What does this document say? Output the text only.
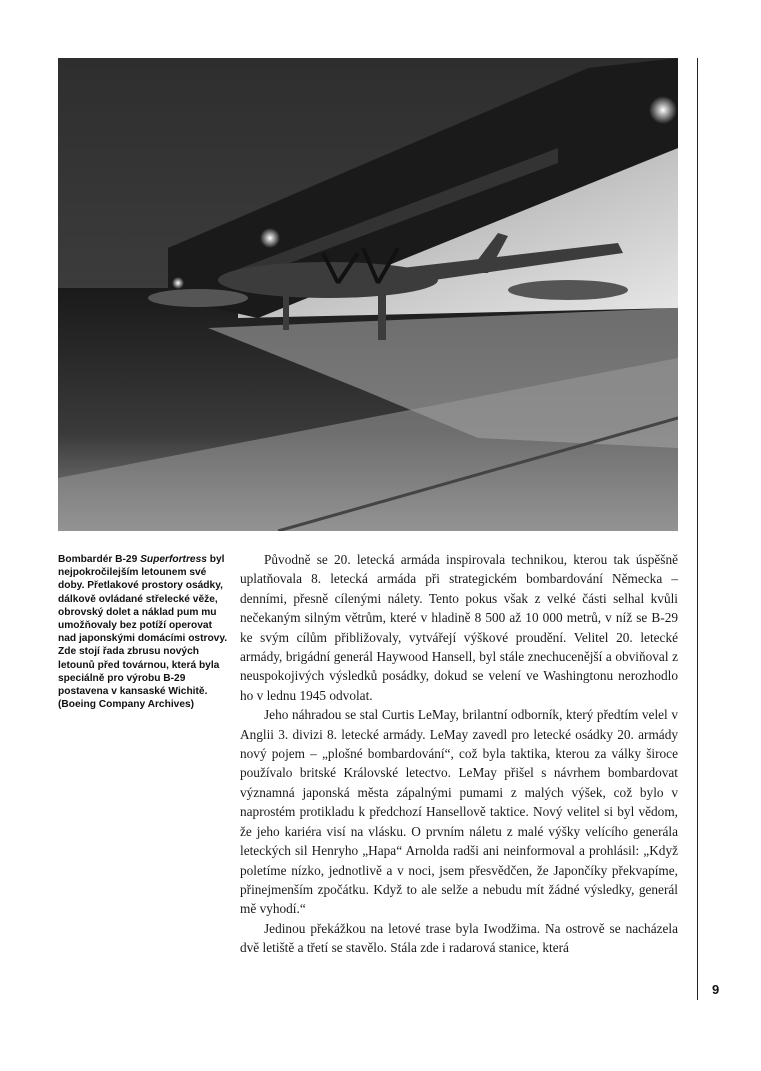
Bombardér B-29 Superfortress byl nejpokročilejším letounem své doby. Přetlakové prostory osádky, dálkově ovládané střelecké věže, obrovský dolet a náklad pum mu umožňovaly bez potíží operovat nad japonskými domácími ostrovy. Zde stojí řada zbrusu nových letounů před továrnou, která byla speciálně pro výrobu B-29 postavena v kansaské Wichitě. (Boeing Company Archives)

Původně se 20. letecká armáda inspirovala technikou, kterou tak úspěšně uplatňovala 8. letecká armáda při strategickém bombardování Německa – denními, přesně cílenými nálety. Tento pokus však z velké části selhal kvůli nečekaným silným větrům, které v hladině 8 500 až 10 000 metrů, v níž se B-29 ke svým cílům přibližovaly, vytvářejí výškové proudění. Velitel 20. letecké armády, brigádní generál Haywood Hansell, byl stále znechucenější a obviňoval z neuspokojivých výsledků posádky, dokud se velení ve Washingtonu nerozhodlo ho v lednu 1945 odvolat.

Jeho náhradou se stal Curtis LeMay, brilantní odborník, který předtím velel v Anglii 3. divizi 8. letecké armády. LeMay zavedl pro letecké osádky 20. armády nový pojem – „plošné bombardování“, což byla taktika, kterou za války široce používalo britské Královské letectvo. LeMay přišel s návrhem bombardovat významná japonská města zápalnými pumami z malých výšek, což bylo v naprostém protikladu k předchozí Hansellově taktice. Nový velitel si byl vědom, že jeho kariéra visí na vlásku. O prvním náletu z malé výšky velícího generála leteckých sil Henryho „Hapa“ Arnolda radši ani neinformoval a prohlásil: „Když poletíme nízko, jednotlivě a v noci, jsem přesvědčen, že Japončíky překvapíme, přinejmenším zpočátku. Když to ale selže a nebudu mít žádné výsledky, generál mě vyhodí.“

Jedinou překážkou na letové trase byla Iwodžima. Na ostrově se nacházela dvě letiště a třetí se stavělo. Stála zde i radarová stanice, která

9
